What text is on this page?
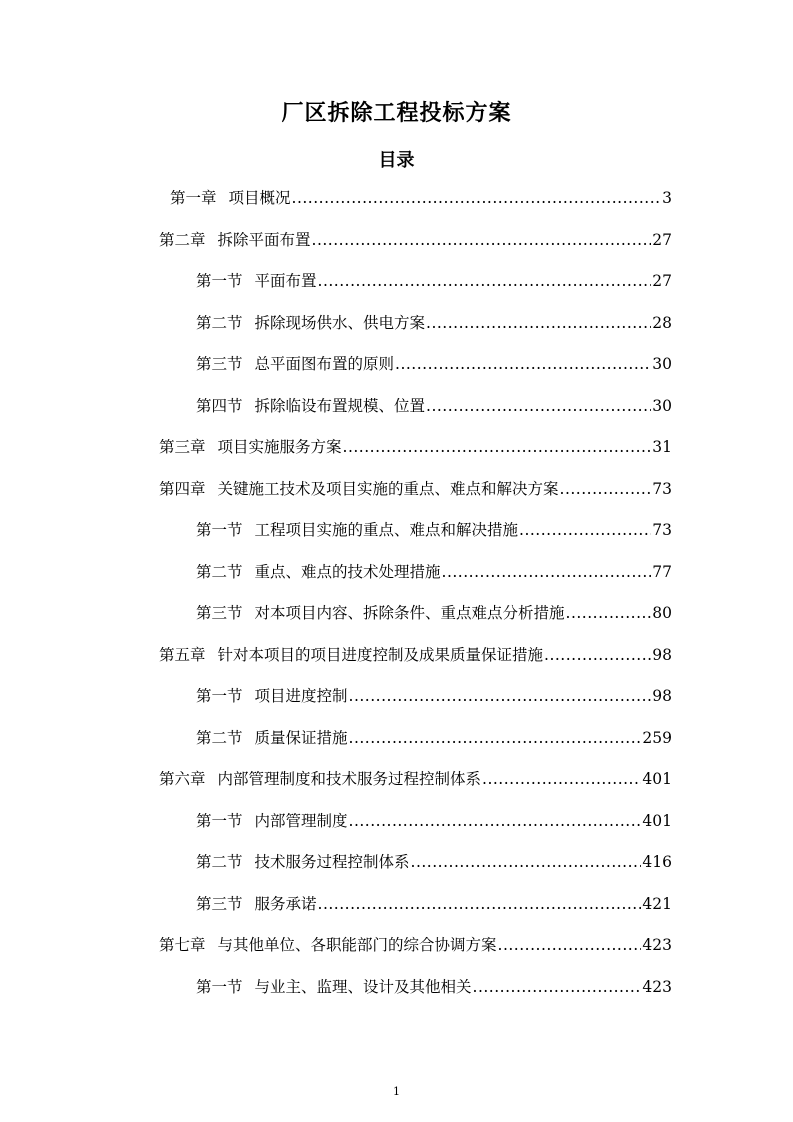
厂区拆除工程投标方案
目录
第一章 项目概况 .....	3
第二章 拆除平面布置 .....	27
第一节 平面布置 .....	27
第二节 拆除现场供水、供电方案 .....	28
第三节 总平面图布置的原则 .....	30
第四节 拆除临设布置规模、位置 .....	30
第三章 项目实施服务方案 .....	31
第四章 关键施工技术及项目实施的重点、难点和解决方案 .....	73
第一节 工程项目实施的重点、难点和解决措施 .....	73
第二节 重点、难点的技术处理措施 .....	77
第三节 对本项目内容、拆除条件、重点难点分析措施 .....	80
第五章 针对本项目的项目进度控制及成果质量保证措施 .....	98
第一节 项目进度控制 .....	98
第二节 质量保证措施 .....	259
第六章 内部管理制度和技术服务过程控制体系 .....	401
第一节 内部管理制度 .....	401
第二节 技术服务过程控制体系 .....	416
第三节 服务承诺 .....	421
第七章 与其他单位、各职能部门的综合协调方案 .....	423
第一节 与业主、监理、设计及其他相关 .....	423
1
